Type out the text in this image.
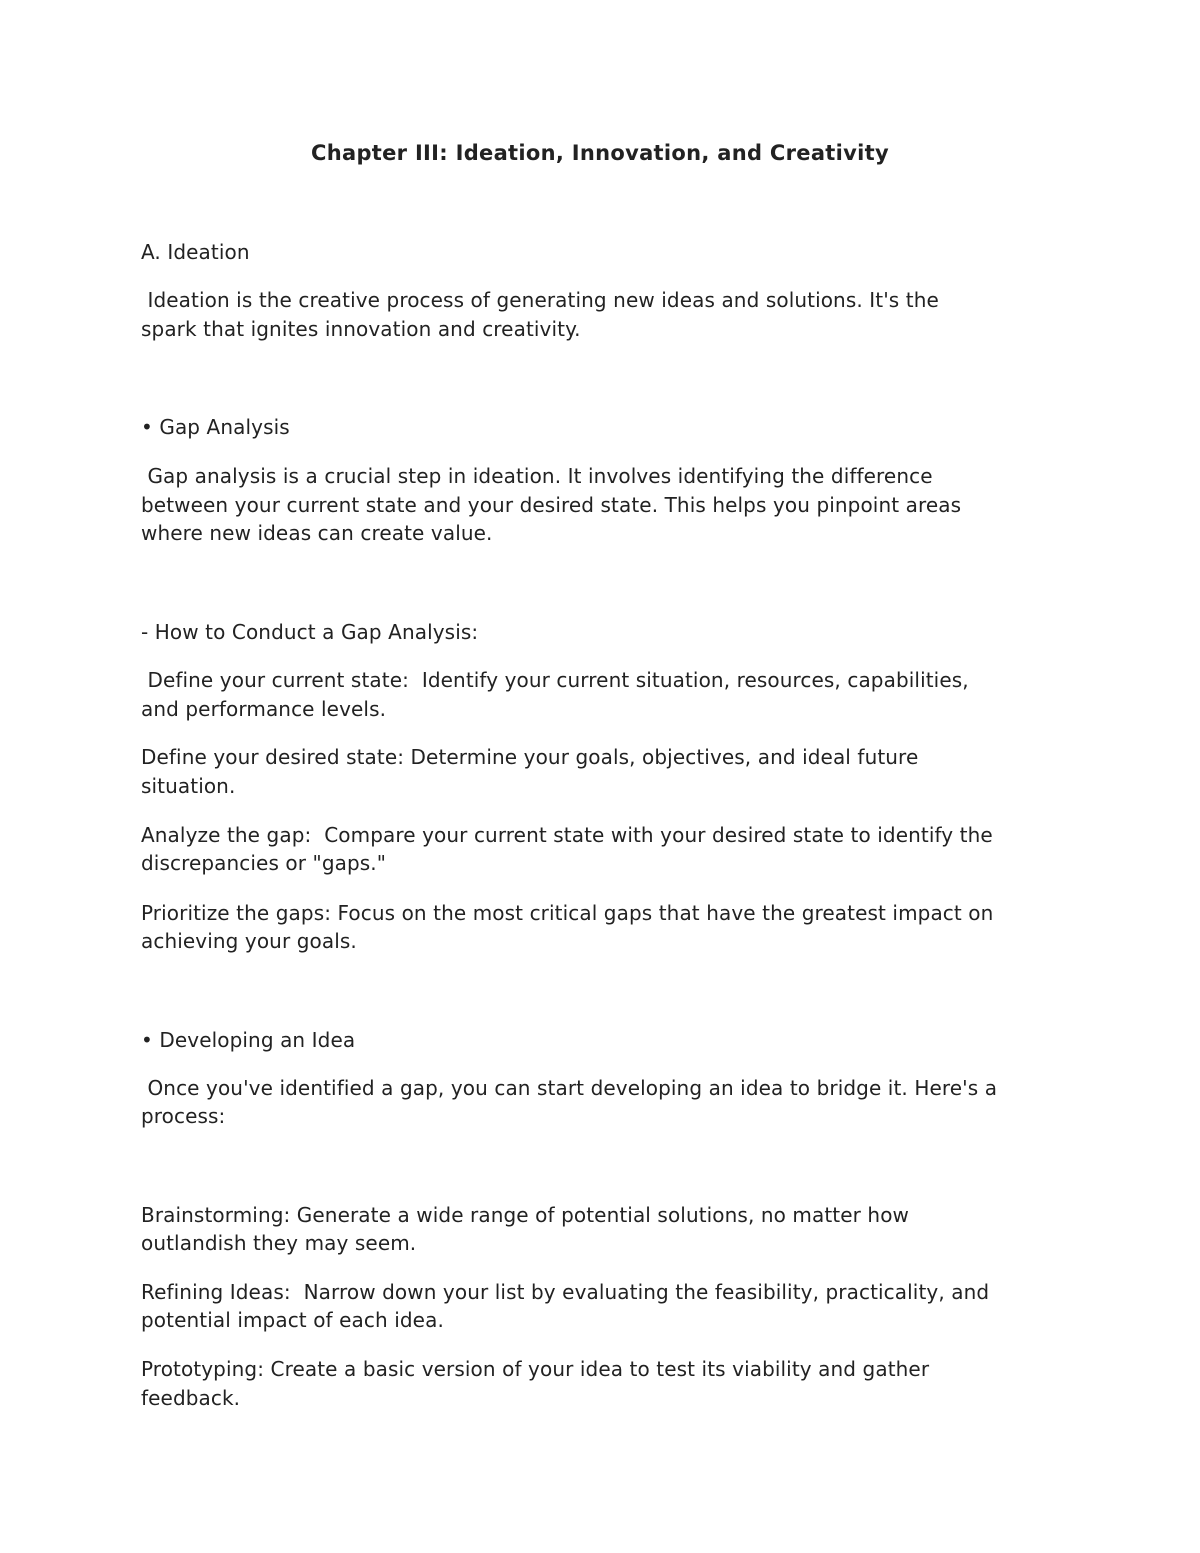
Chapter III: Ideation, Innovation, and Creativity
A. Ideation
Ideation is the creative process of generating new ideas and solutions. It's the
spark that ignites innovation and creativity.
• Gap Analysis
Gap analysis is a crucial step in ideation. It involves identifying the difference
between your current state and your desired state. This helps you pinpoint areas
where new ideas can create value.
- How to Conduct a Gap Analysis:
Define your current state:  Identify your current situation, resources, capabilities,
and performance levels.
Define your desired state: Determine your goals, objectives, and ideal future
situation.
Analyze the gap:  Compare your current state with your desired state to identify the
discrepancies or "gaps."
Prioritize the gaps: Focus on the most critical gaps that have the greatest impact on
achieving your goals.
• Developing an Idea
Once you've identified a gap, you can start developing an idea to bridge it. Here's a
process:
Brainstorming: Generate a wide range of potential solutions, no matter how
outlandish they may seem.
Refining Ideas:  Narrow down your list by evaluating the feasibility, practicality, and
potential impact of each idea.
Prototyping: Create a basic version of your idea to test its viability and gather
feedback.
